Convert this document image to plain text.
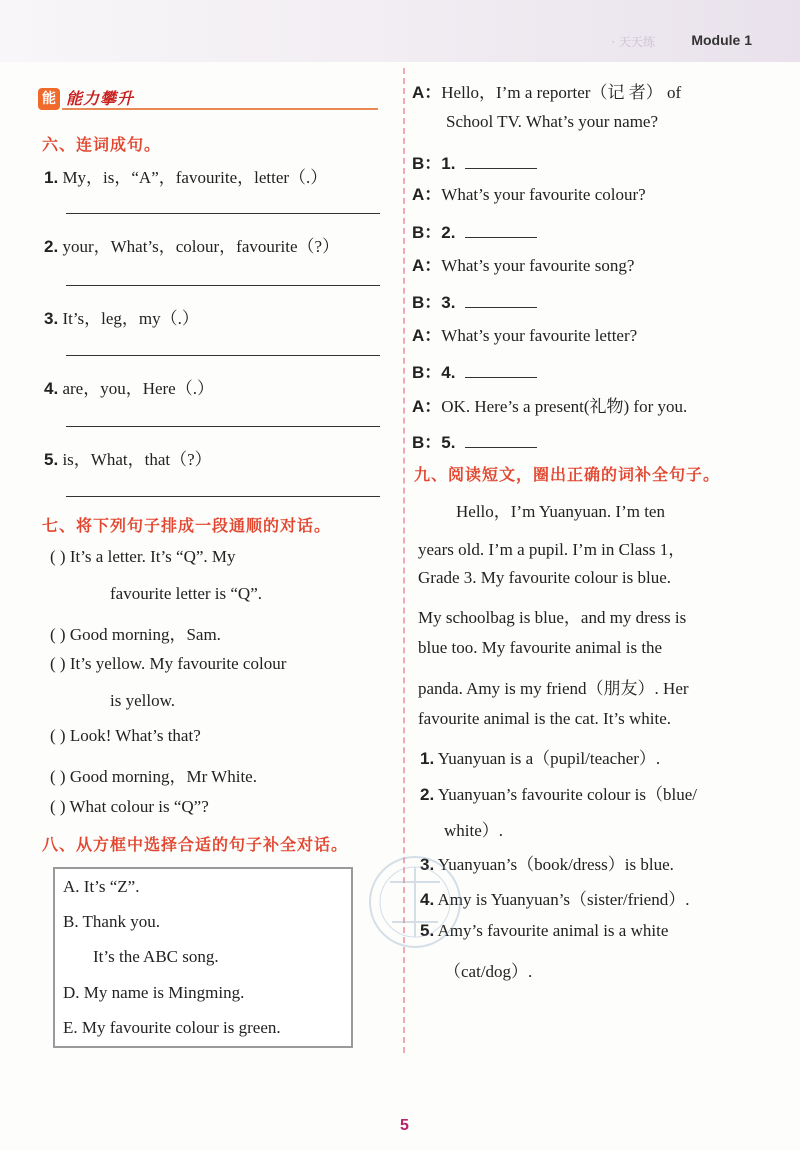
· 天天练	Module 1
能 能力攀升
六、连词成句。
1. My，is，“A”，favourite，letter（.）
2. your，What’s，colour，favourite（?）
3. It’s，leg，my（.）
4. are，you，Here（.）
5. is，What，that（?）
七、将下列句子排成一段通顺的对话。
( ) It’s a letter. It’s “Q”. My
favourite letter is “Q”.
( ) Good morning，Sam.
( ) It’s yellow. My favourite colour
is yellow.
( ) Look! What’s that?
( ) Good morning，Mr White.
( ) What colour is “Q”?
八、从方框中选择合适的句子补全对话。
A. It’s “Z”.
B. Thank you.
It’s the ABC song.
D. My name is Mingming.
E. My favourite colour is green.
A：Hello，I’m a reporter（记 者） of
School TV. What’s your name?
B：1.
A：What’s your favourite colour?
B：2.
A：What’s your favourite song?
B：3.
A：What’s your favourite letter?
B：4.
A：OK. Here’s a present(礼物) for you.
B：5.
九、阅读短文，圈出正确的词补全句子。
Hello，I’m Yuanyuan. I’m ten
years old. I’m a pupil. I’m in Class 1，
Grade 3. My favourite colour is blue.
My schoolbag is blue，and my dress is
blue too. My favourite animal is the
panda. Amy is my friend（朋友）. Her
favourite animal is the cat. It’s white.
1. Yuanyuan is a（pupil/teacher）.
2. Yuanyuan’s favourite colour is（blue/
white）.
3. Yuanyuan’s（book/dress）is blue.
4. Amy is Yuanyuan’s（sister/friend）.
5. Amy’s favourite animal is a white
（cat/dog）.
5
